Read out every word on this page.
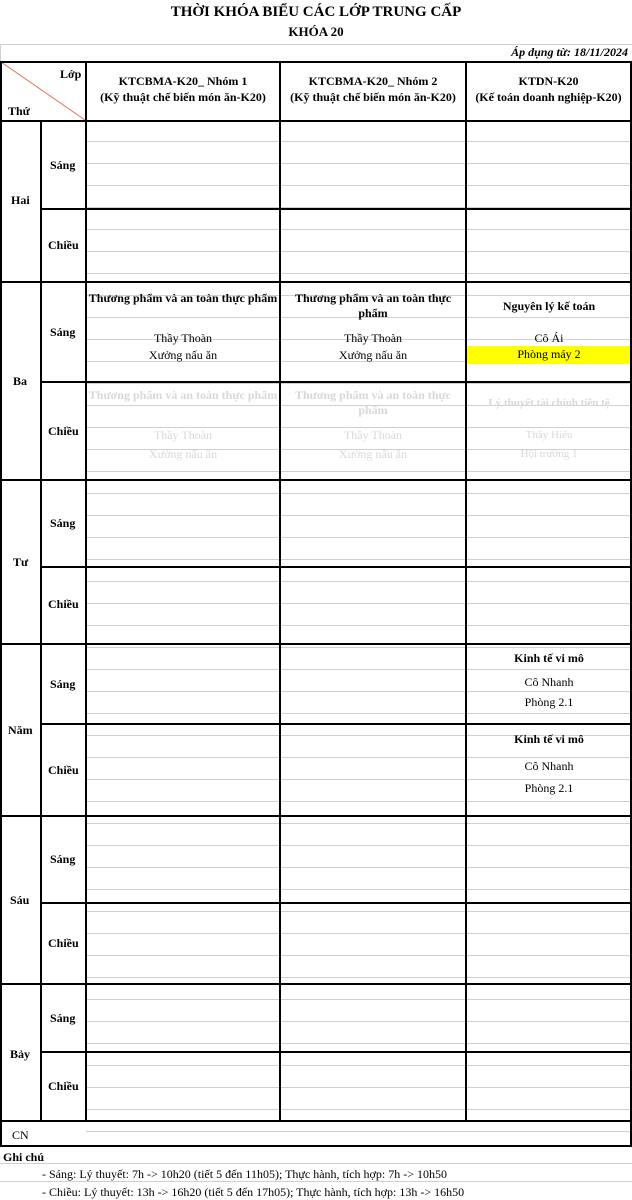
THỜI KHÓA BIỂU CÁC LỚP TRUNG CẤP
KHÓA 20
Áp dụng từ: 18/11/2024
Lớp
Thứ
KTCBMA-K20_ Nhóm 1
(Kỹ thuật chế biến món ăn-K20)
KTCBMA-K20_ Nhóm 2
(Kỹ thuật chế biến món ăn-K20)
KTDN-K20
(Kế toán doanh nghiệp-K20)
Hai
Ba
Tư
Năm
Sáu
Bảy
CN
Sáng
Chiều
Sáng
Chiều
Sáng
Chiều
Sáng
Chiều
Sáng
Chiều
Sáng
Chiều
Thương phẩm và an toàn thực phẩm
Thầy Thoàn
Xưởng nấu ăn
Thương phẩm và an toàn thực phẩm
Thầy Thoàn
Xưởng nấu ăn
Nguyên lý kế toán
Cô Ái
Phòng máy 2
Thương phẩm và an toàn thực phẩm
Thầy Thoàn
Xưởng nấu ăn
Thương phẩm và an toàn thực phẩm
Thầy Thoàn
Xưởng nấu ăn
Lý thuyết tài chính tiền tệ
Thầy Hiếu
Hội trường 1
Kinh tế vi mô
Cô Nhanh
Phòng 2.1
Kinh tế vi mô
Cô Nhanh
Phòng 2.1
Ghi chú
- Sáng: Lý thuyết: 7h -> 10h20 (tiết 5 đến 11h05); Thực hành, tích hợp: 7h -> 10h50
- Chiều: Lý thuyết: 13h -> 16h20 (tiết 5 đến 17h05); Thực hành, tích hợp: 13h -> 16h50
